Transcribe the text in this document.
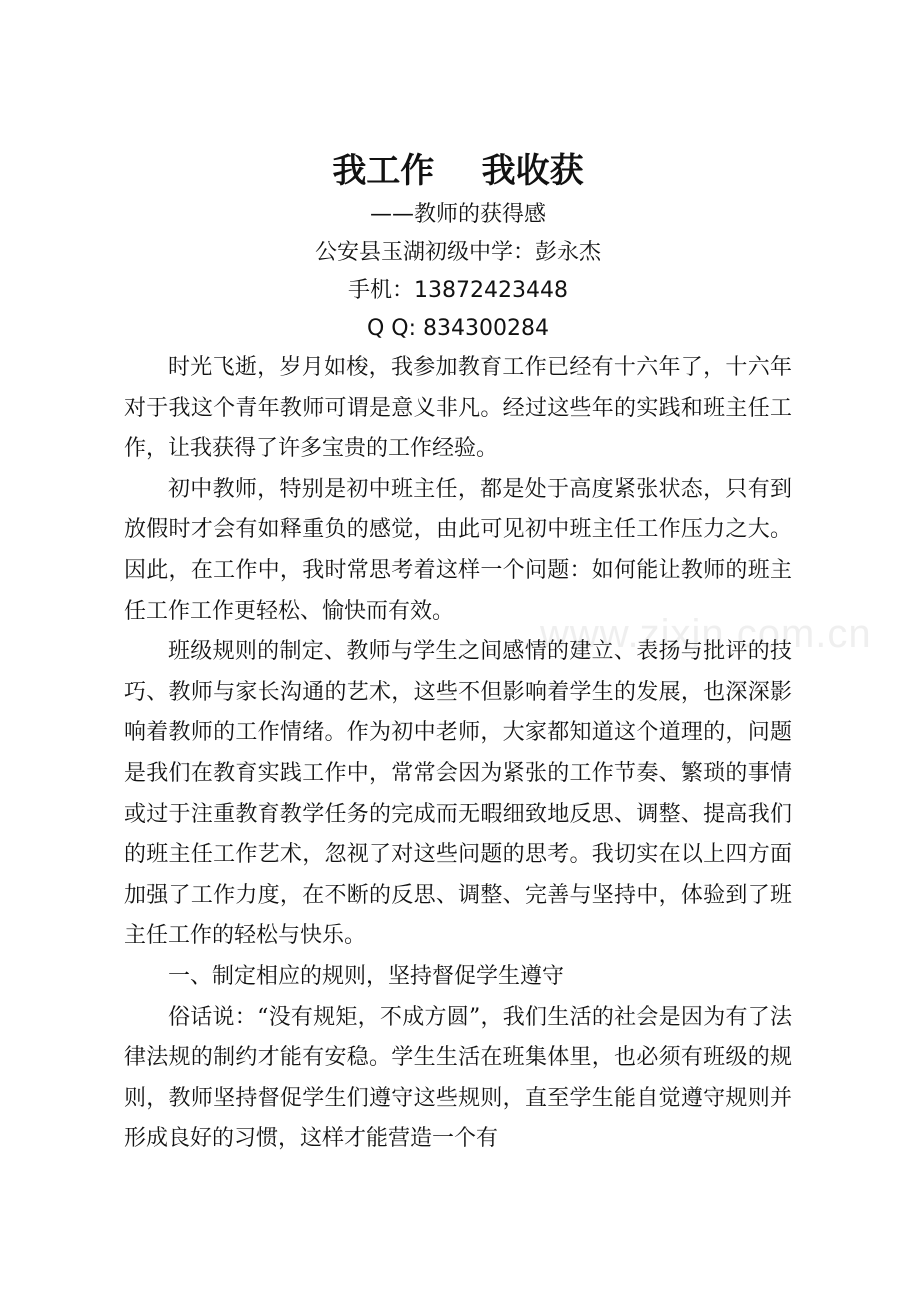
www.zixin.com.cn
我工作    我收获
——教师的获得感
公安县玉湖初级中学：彭永杰
手机：13872423448
Q Q: 834300284

时光飞逝，岁月如梭，我参加教育工作已经有十六年了，十六年对于我这个青年教师可谓是意义非凡。经过这些年的实践和班主任工作，让我获得了许多宝贵的工作经验。

初中教师，特别是初中班主任，都是处于高度紧张状态，只有到放假时才会有如释重负的感觉，由此可见初中班主任工作压力之大。因此，在工作中，我时常思考着这样一个问题：如何能让教师的班主任工作工作更轻松、愉快而有效。

班级规则的制定、教师与学生之间感情的建立、表扬与批评的技巧、教师与家长沟通的艺术，这些不但影响着学生的发展，也深深影响着教师的工作情绪。作为初中老师，大家都知道这个道理的，问题是我们在教育实践工作中，常常会因为紧张的工作节奏、繁琐的事情或过于注重教育教学任务的完成而无暇细致地反思、调整、提高我们的班主任工作艺术，忽视了对这些问题的思考。我切实在以上四方面加强了工作力度，在不断的反思、调整、完善与坚持中，体验到了班主任工作的轻松与快乐。

一、制定相应的规则，坚持督促学生遵守

俗话说：“没有规矩，不成方圆”，我们生活的社会是因为有了法律法规的制约才能有安稳。学生生活在班集体里，也必须有班级的规则，教师坚持督促学生们遵守这些规则，直至学生能自觉遵守规则并形成良好的习惯，这样才能营造一个有
